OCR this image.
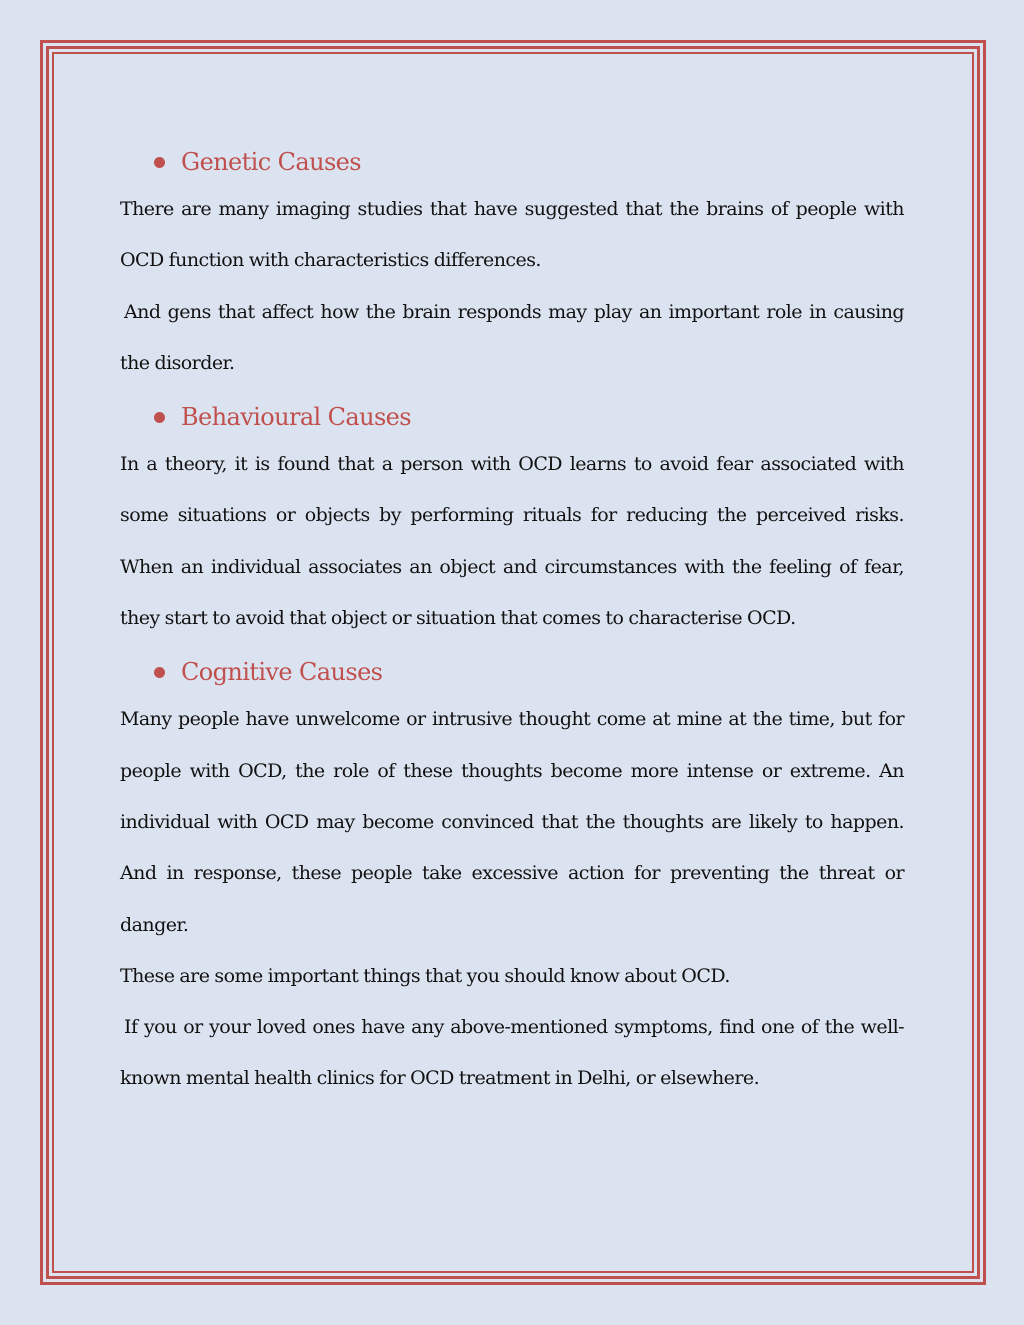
Genetic Causes

There are many imaging studies that have suggested that the brains of people with OCD function with characteristics differences.

And gens that affect how the brain responds may play an important role in causing the disorder.

Behavioural Causes

In a theory, it is found that a person with OCD learns to avoid fear associated with some situations or objects by performing rituals for reducing the perceived risks. When an individual associates an object and circumstances with the feeling of fear, they start to avoid that object or situation that comes to characterise OCD.

Cognitive Causes

Many people have unwelcome or intrusive thought come at mine at the time, but for people with OCD, the role of these thoughts become more intense or extreme. An individual with OCD may become convinced that the thoughts are likely to happen. And in response, these people take excessive action for preventing the threat or danger.

These are some important things that you should know about OCD.

If you or your loved ones have any above-mentioned symptoms, find one of the well-known mental health clinics for OCD treatment in Delhi, or elsewhere.
